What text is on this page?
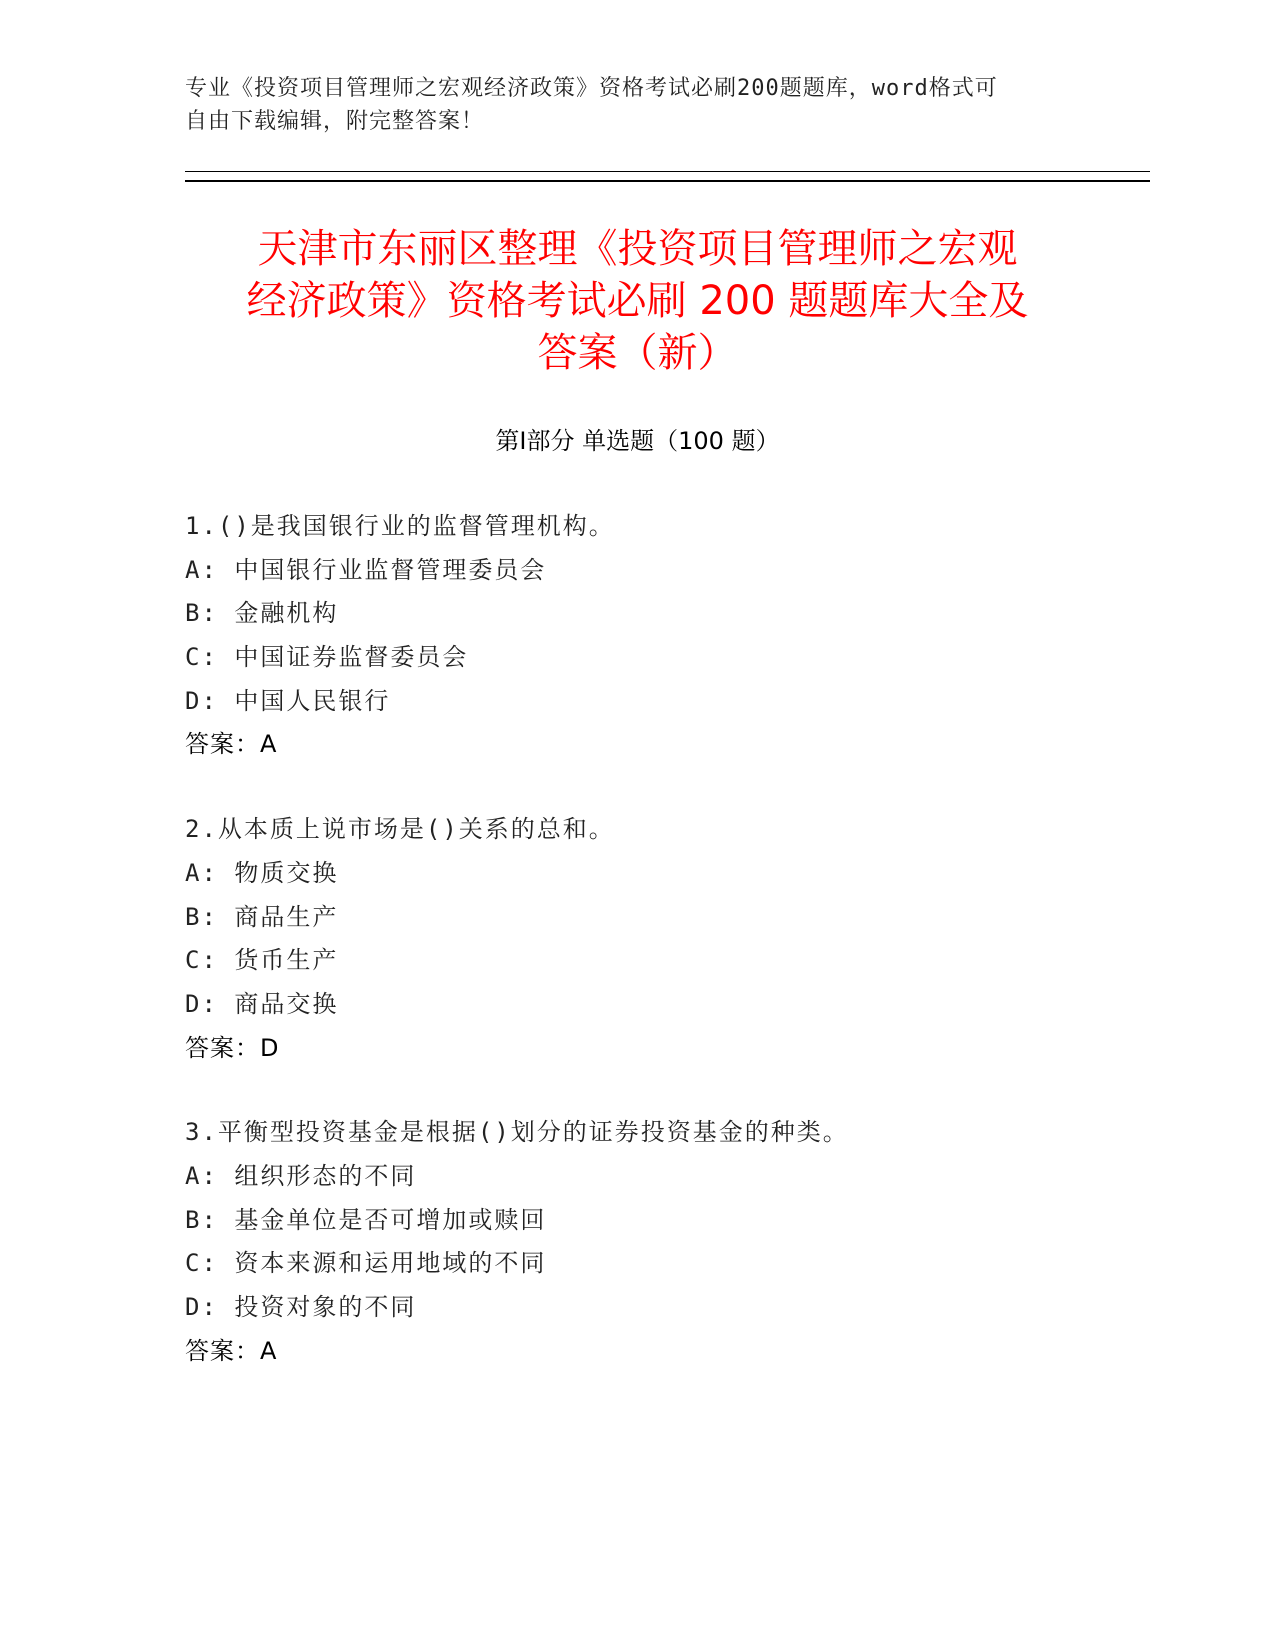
专业《投资项目管理师之宏观经济政策》资格考试必刷200题题库，word格式可
自由下载编辑，附完整答案！
天津市东丽区整理《投资项目管理师之宏观
经济政策》资格考试必刷 200 题题库大全及
答案（新）
第Ⅰ部分 单选题（100 题）
1.()是我国银行业的监督管理机构。
A: 中国银行业监督管理委员会
B: 金融机构
C: 中国证券监督委员会
D: 中国人民银行
答案：A
2.从本质上说市场是()关系的总和。
A: 物质交换
B: 商品生产
C: 货币生产
D: 商品交换
答案：D
3.平衡型投资基金是根据()划分的证券投资基金的种类。
A: 组织形态的不同
B: 基金单位是否可增加或赎回
C: 资本来源和运用地域的不同
D: 投资对象的不同
答案：A
